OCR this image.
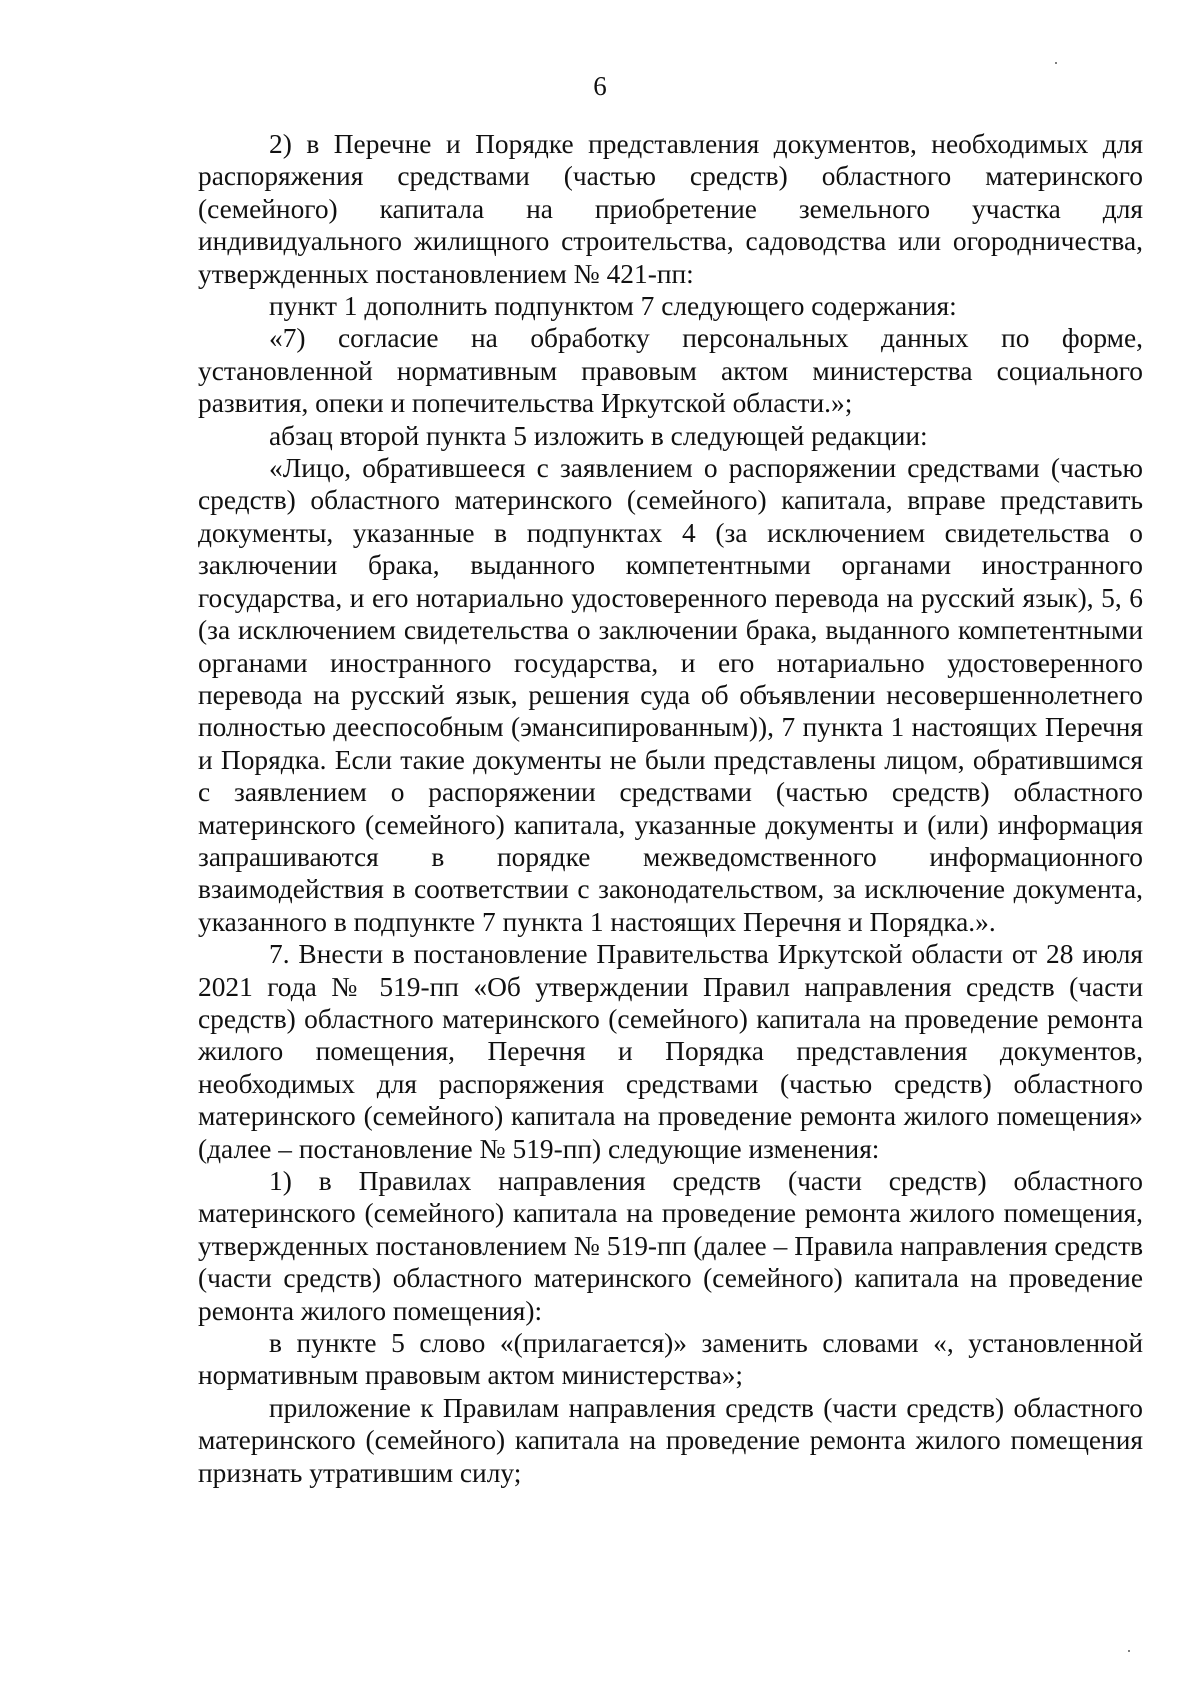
6

2) в Перечне и Порядке представления документов, необходимых для распоряжения средствами (частью средств) областного материнского (семейного) капитала на приобретение земельного участка для индивидуального жилищного строительства, садоводства или огородничества, утвержденных постановлением № 421-пп:

пункт 1 дополнить подпунктом 7 следующего содержания:

«7) согласие на обработку персональных данных по форме, установленной нормативным правовым актом министерства социального развития, опеки и попечительства Иркутской области.»;

абзац второй пункта 5 изложить в следующей редакции:

«Лицо, обратившееся с заявлением о распоряжении средствами (частью средств) областного материнского (семейного) капитала, вправе представить документы, указанные в подпунктах 4 (за исключением свидетельства о заключении брака, выданного компетентными органами иностранного государства, и его нотариально удостоверенного перевода на русский язык), 5, 6 (за исключением свидетельства о заключении брака, выданного компетентными органами иностранного государства, и его нотариально удостоверенного перевода на русский язык, решения суда об объявлении несовершеннолетнего полностью дееспособным (эмансипированным)), 7 пункта 1 настоящих Перечня и Порядка. Если такие документы не были представлены лицом, обратившимся с заявлением о распоряжении средствами (частью средств) областного материнского (семейного) капитала, указанные документы и (или) информация запрашиваются в порядке межведомственного информационного взаимодействия в соответствии с законодательством, за исключение документа, указанного в подпункте 7 пункта 1 настоящих Перечня и Порядка.».

7. Внести в постановление Правительства Иркутской области от 28 июля 2021 года № 519-пп «Об утверждении Правил направления средств (части средств) областного материнского (семейного) капитала на проведение ремонта жилого помещения, Перечня и Порядка представления документов, необходимых для распоряжения средствами (частью средств) областного материнского (семейного) капитала на проведение ремонта жилого помещения» (далее – постановление № 519-пп) следующие изменения:

1) в Правилах направления средств (части средств) областного материнского (семейного) капитала на проведение ремонта жилого помещения, утвержденных постановлением № 519-пп (далее – Правила направления средств (части средств) областного материнского (семейного) капитала на проведение ремонта жилого помещения):

в пункте 5 слово «(прилагается)» заменить словами «, установленной нормативным правовым актом министерства»;

приложение к Правилам направления средств (части средств) областного материнского (семейного) капитала на проведение ремонта жилого помещения признать утратившим силу;
